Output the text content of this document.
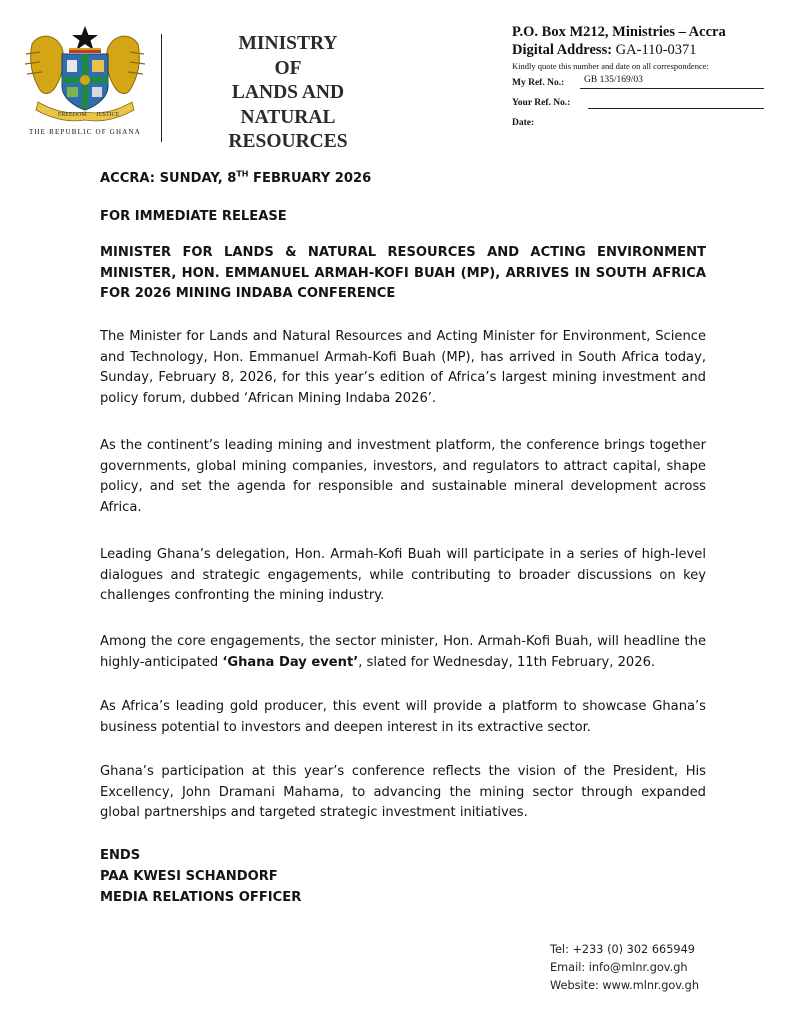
FREEDOM JUSTICE
THE REPUBLIC OF GHANA
MINISTRY
OF
LANDS AND NATURAL
RESOURCES
P.O. Box M212, Ministries – Accra
Digital Address: GA-110-0371
Kindly quote this number and date on all correspondence:
My Ref. No.: GB 135/169/03
Your Ref. No.:
Date:
ACCRA: SUNDAY, 8TH FEBRUARY 2026
FOR IMMEDIATE RELEASE
MINISTER FOR LANDS & NATURAL RESOURCES AND ACTING ENVIRONMENT MINISTER, HON. EMMANUEL ARMAH-KOFI BUAH (MP), ARRIVES IN SOUTH AFRICA FOR 2026 MINING INDABA CONFERENCE
The Minister for Lands and Natural Resources and Acting Minister for Environment, Science and Technology, Hon. Emmanuel Armah-Kofi Buah (MP), has arrived in South Africa today, Sunday, February 8, 2026, for this year’s edition of Africa’s largest mining investment and policy forum, dubbed ‘African Mining Indaba 2026’.
As the continent’s leading mining and investment platform, the conference brings together governments, global mining companies, investors, and regulators to attract capital, shape policy, and set the agenda for responsible and sustainable mineral development across Africa.
Leading Ghana’s delegation, Hon. Armah-Kofi Buah will participate in a series of high-level dialogues and strategic engagements, while contributing to broader discussions on key challenges confronting the mining industry.
Among the core engagements, the sector minister, Hon. Armah-Kofi Buah, will headline the highly-anticipated ‘Ghana Day event’, slated for Wednesday, 11th February, 2026.
As Africa’s leading gold producer, this event will provide a platform to showcase Ghana’s business potential to investors and deepen interest in its extractive sector.
Ghana’s participation at this year’s conference reflects the vision of the President, His Excellency, John Dramani Mahama, to advancing the mining sector through expanded global partnerships and targeted strategic investment initiatives.
ENDS
PAA KWESI SCHANDORF
MEDIA RELATIONS OFFICER
Tel: +233 (0) 302 665949
Email: info@mlnr.gov.gh
Website: www.mlnr.gov.gh
